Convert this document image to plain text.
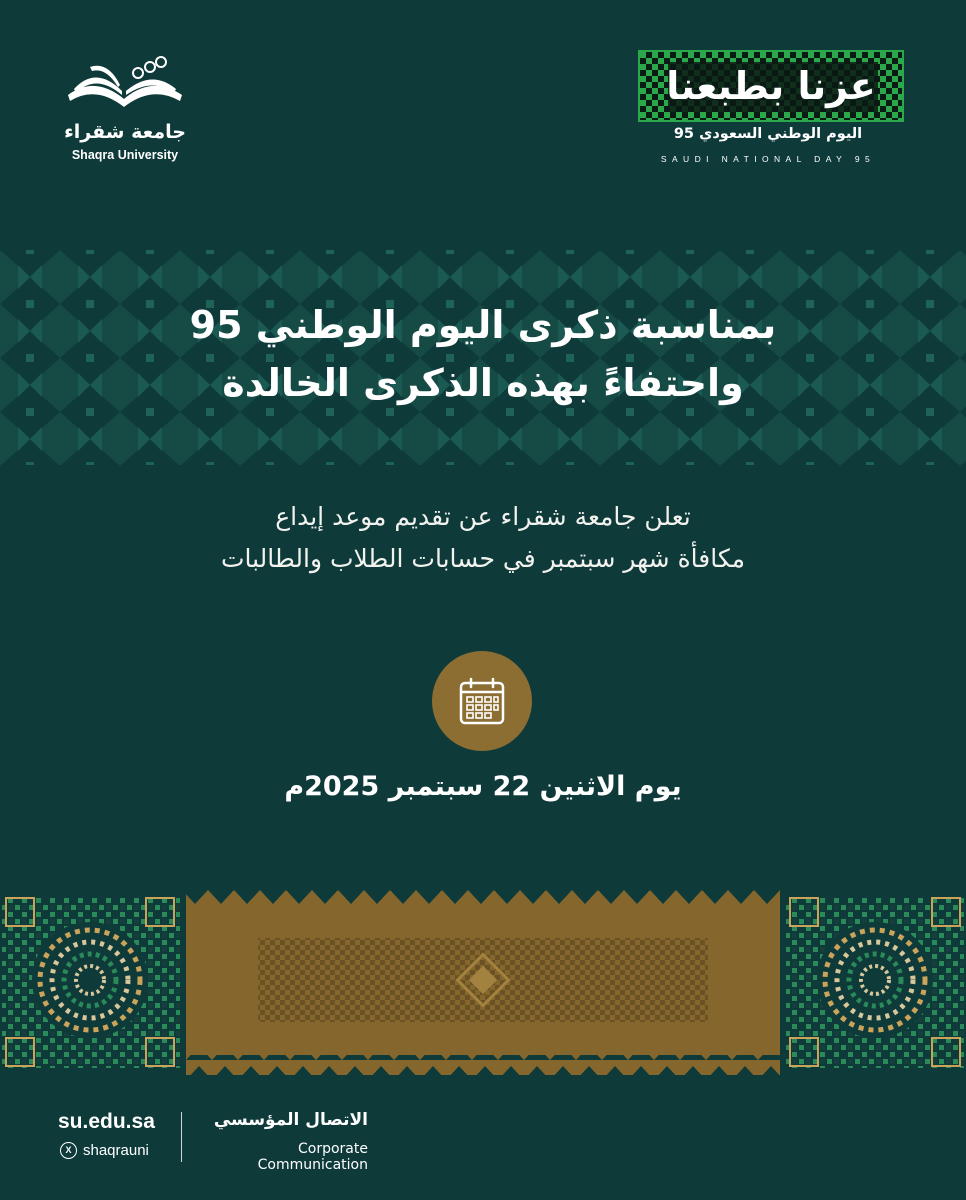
جامعة شقراء
Shaqra University
عزنا بطبعنا
اليوم الوطني السعودي 95
SAUDI NATIONAL DAY 95
بمناسبة ذكرى اليوم الوطني 95
واحتفاءً بهذه الذكرى الخالدة
تعلن جامعة شقراء عن تقديم موعد إيداع
مكافأة شهر سبتمبر في حسابات الطلاب والطالبات
يوم الاثنين 22 سبتمبر 2025م
su.edu.sa
X shaqrauni
الاتصال المؤسسي
Corporate Communication
